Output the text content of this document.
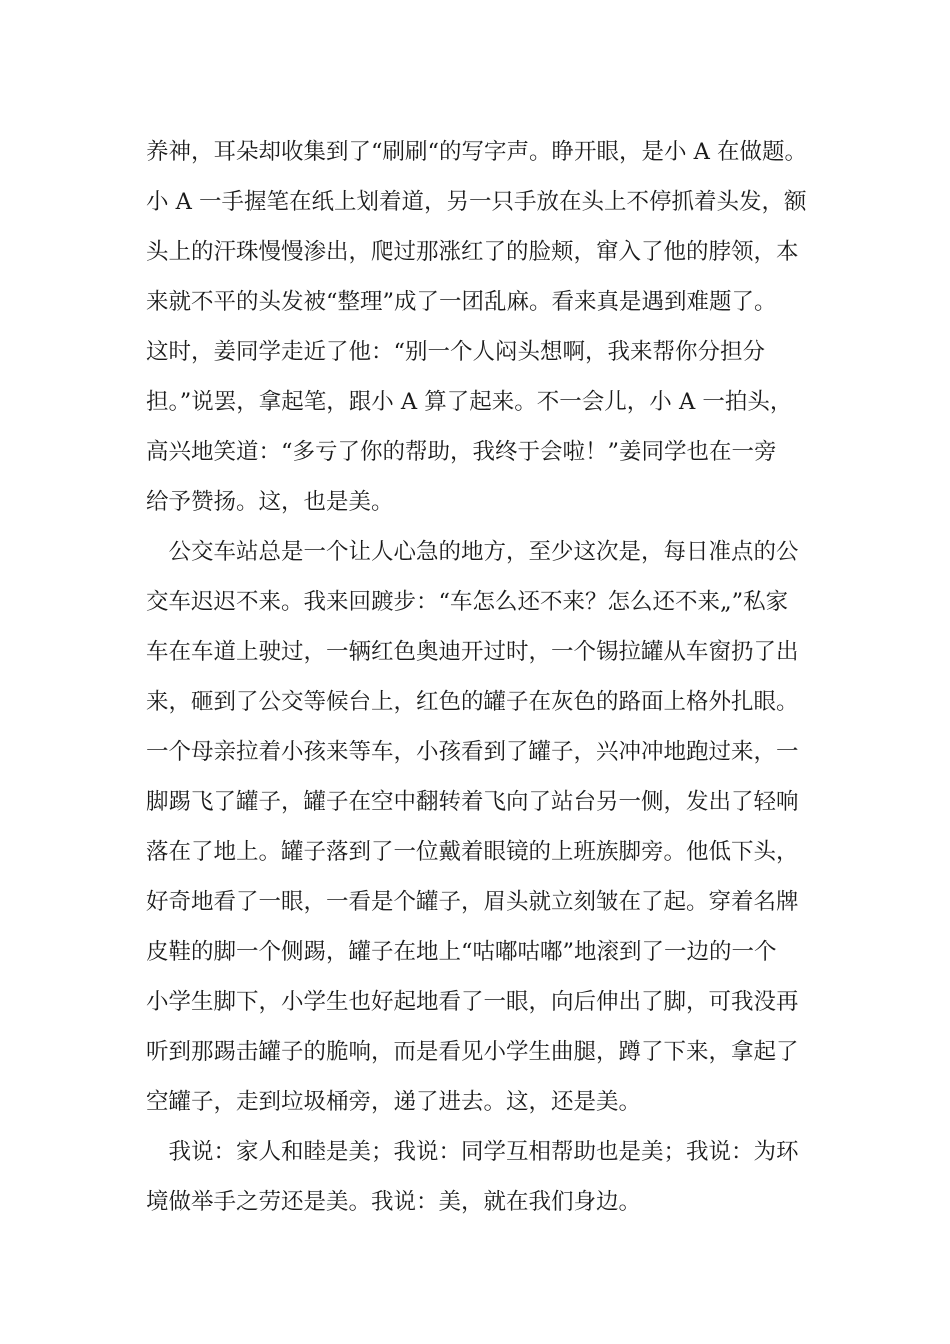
养神，耳朵却收集到了“刷刷“的写字声。睁开眼，是小 A 在做题。
小 A 一手握笔在纸上划着道，另一只手放在头上不停抓着头发，额
头上的汗珠慢慢渗出，爬过那涨红了的脸颊，窜入了他的脖领，本
来就不平的头发被“整理”成了一团乱麻。看来真是遇到难题了。
这时，姜同学走近了他：“别一个人闷头想啊，我来帮你分担分
担。”说罢，拿起笔，跟小 A 算了起来。不一会儿，小 A 一拍头，
高兴地笑道：“多亏了你的帮助，我终于会啦！”姜同学也在一旁
给予赞扬。这，也是美。
　公交车站总是一个让人心急的地方，至少这次是，每日准点的公
交车迟迟不来。我来回踱步：“车怎么还不来？怎么还不来„”私家
车在车道上驶过，一辆红色奥迪开过时，一个锡拉罐从车窗扔了出
来，砸到了公交等候台上，红色的罐子在灰色的路面上格外扎眼。
一个母亲拉着小孩来等车，小孩看到了罐子，兴冲冲地跑过来，一
脚踢飞了罐子，罐子在空中翻转着飞向了站台另一侧，发出了轻响
落在了地上。罐子落到了一位戴着眼镜的上班族脚旁。他低下头，
好奇地看了一眼，一看是个罐子，眉头就立刻皱在了起。穿着名牌
皮鞋的脚一个侧踢，罐子在地上“咕嘟咕嘟”地滚到了一边的一个
小学生脚下，小学生也好起地看了一眼，向后伸出了脚，可我没再
听到那踢击罐子的脆响，而是看见小学生曲腿，蹲了下来，拿起了
空罐子，走到垃圾桶旁，递了进去。这，还是美。
　我说：家人和睦是美；我说：同学互相帮助也是美；我说：为环
境做举手之劳还是美。我说：美，就在我们身边。
